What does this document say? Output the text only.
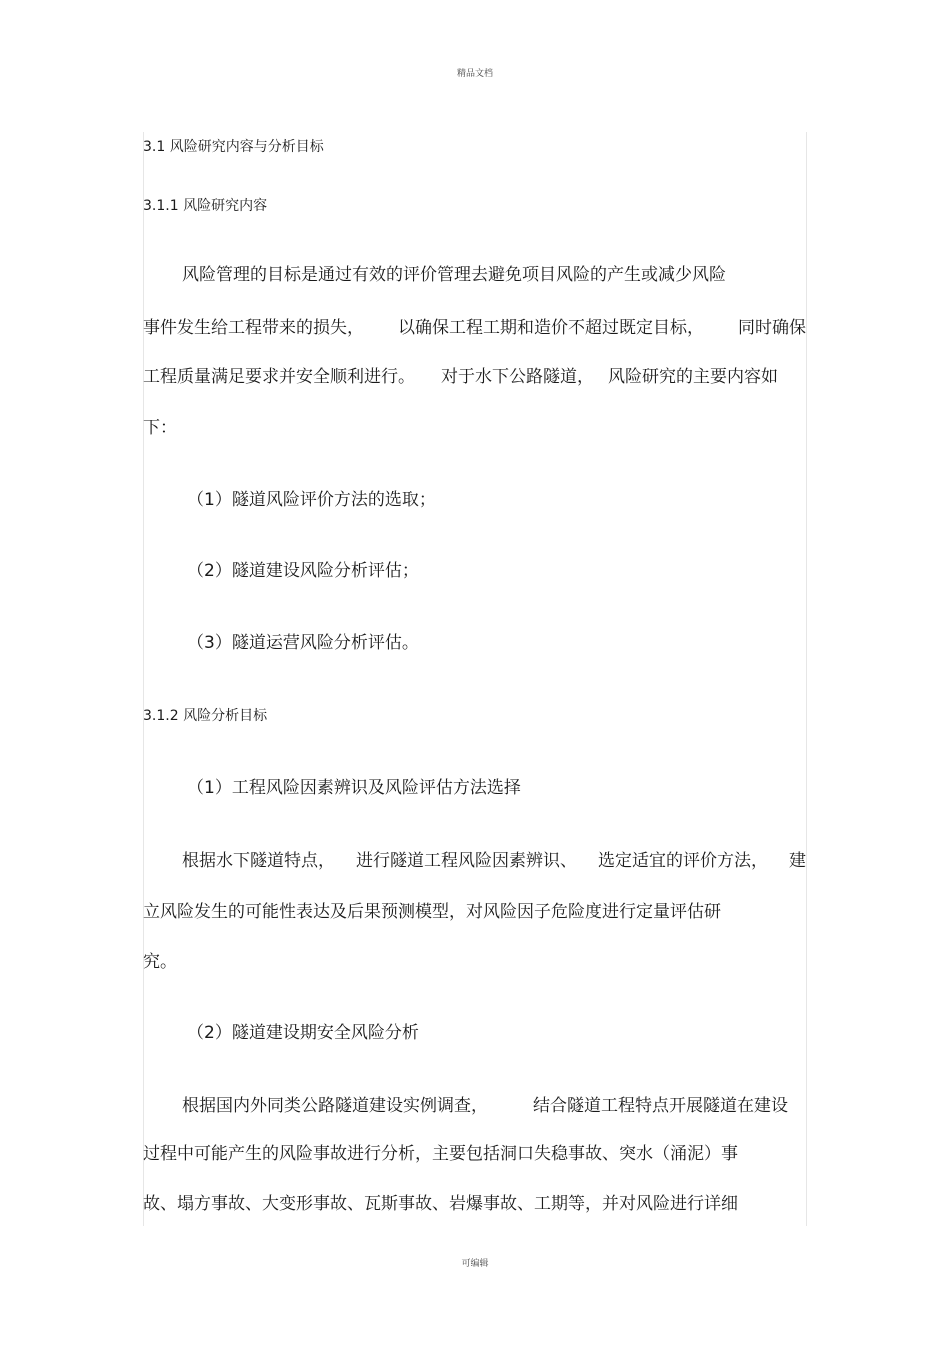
精品文档
3.1 风险研究内容与分析目标
3.1.1 风险研究内容
风险管理的目标是通过有效的评价管理去避免项目风险的产生或减少风险
事件发生给工程带来的损失， 以确保工程工期和造价不超过既定目标， 同时确保
工程质量满足要求并安全顺利进行。 对于水下公路隧道， 风险研究的主要内容如
下：
（1）隧道风险评价方法的选取；
（2）隧道建设风险分析评估；
（3）隧道运营风险分析评估。
3.1.2 风险分析目标
（1）工程风险因素辨识及风险评估方法选择
根据水下隧道特点， 进行隧道工程风险因素辨识、 选定适宜的评价方法， 建
立风险发生的可能性表达及后果预测模型，对风险因子危险度进行定量评估研
究。
（2）隧道建设期安全风险分析
根据国内外同类公路隧道建设实例调查，	结合隧道工程特点开展隧道在建设
过程中可能产生的风险事故进行分析，主要包括洞口失稳事故、突水（涌泥）事
故、塌方事故、大变形事故、瓦斯事故、岩爆事故、工期等，并对风险进行详细
可编辑
